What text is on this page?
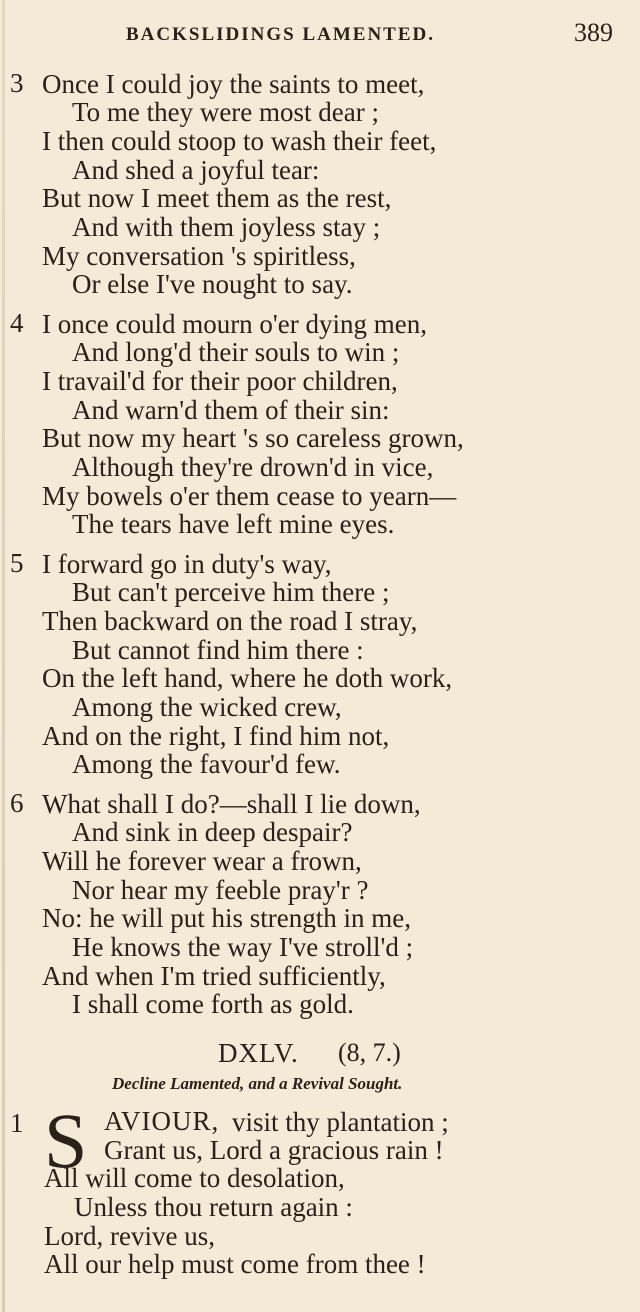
BACKSLIDINGS LAMENTED.	389
3 Once I could joy the saints to meet,
To me they were most dear ;
I then could stoop to wash their feet,
And shed a joyful tear:
But now I meet them as the rest,
And with them joyless stay ;
My conversation 's spiritless,
Or else I've nought to say.
4 I once could mourn o'er dying men,
And long'd their souls to win ;
I travail'd for their poor children,
And warn'd them of their sin:
But now my heart 's so careless grown,
Although they're drown'd in vice,
My bowels o'er them cease to yearn—
The tears have left mine eyes.
5 I forward go in duty's way,
But can't perceive him there ;
Then backward on the road I stray,
But cannot find him there :
On the left hand, where he doth work,
Among the wicked crew,
And on the right, I find him not,
Among the favour'd few.
6 What shall I do?—shall I lie down,
And sink in deep despair?
Will he forever wear a frown,
Nor hear my feeble pray'r ?
No: he will put his strength in me,
He knows the way I've stroll'd ;
And when I'm tried sufficiently,
I shall come forth as gold.
DXLV. (8, 7.)
Decline Lamented, and a Revival Sought.
1 S AVIOUR, visit thy plantation ;
Grant us, Lord a gracious rain !
All will come to desolation,
Unless thou return again :
Lord, revive us,
All our help must come from thee !
